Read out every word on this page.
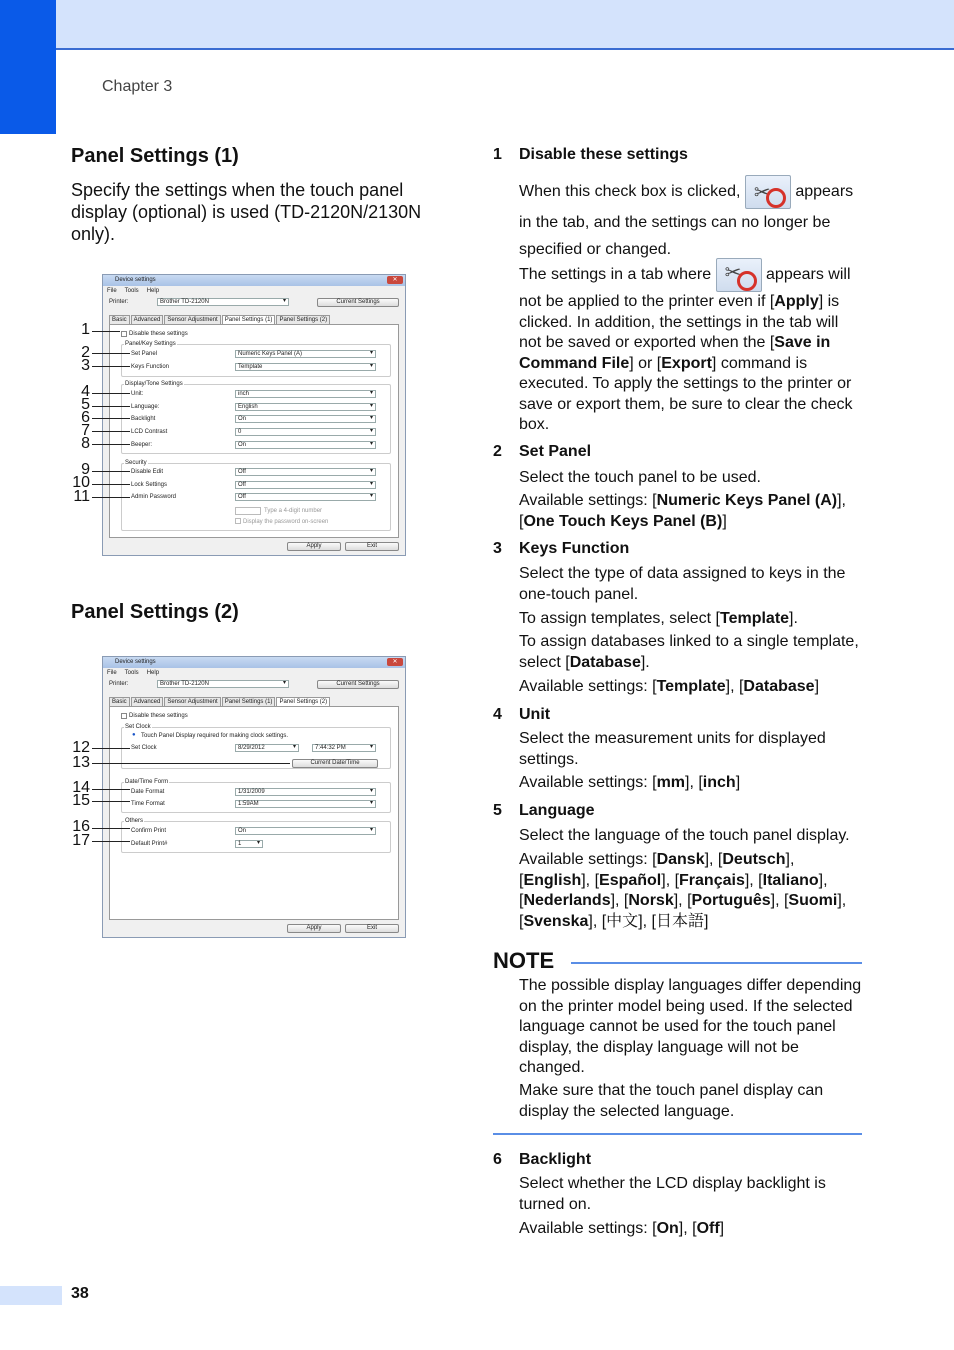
Chapter 3
Panel Settings (1)
Specify the settings when the touch panel display (optional) is used (TD-2120N/2130N only).
Device settings	✕
File Tools Help
Printer:	Brother TD-2120N ▾	Current Settings
Basic	Advanced	Sensor Adjustment	Panel Settings (1)	Panel Settings (2)
Disable these settings
Panel/Key Settings
Set Panel	Numeric Keys Panel (A) ▾
Keys Function	Template ▾
Display/Tone Settings
Unit:	inch ▾
Language:	English ▾
Backlight	On ▾
LCD Contrast	0 ▾
Beeper:	On ▾
Security
Disable Edit	Off ▾
Lock Settings	Off ▾
Admin Password	Off ▾
Type a 4-digit number
Display the password on-screen
Apply	Exit
1
2
3
4
5
6
7
8
9
10
11
Panel Settings (2)
Device settings	✕
File Tools Help
Printer:	Brother TD-2120N ▾	Current Settings
Basic	Advanced	Sensor Adjustment	Panel Settings (1)	Panel Settings (2)
Disable these settings
Set Clock
● Touch Panel Display required for making clock settings.
Set Clock	8/29/2012 ▾	7:44:32 PM ▾
Current Date/Time
Date/Time Form
Date Format	1/31/2009 ▾
Time Format	1:59AM ▾
Others
Confirm Print	On ▾
Default Print#	1 ▾
Apply	Exit
12
13
14
15
16
17
1 Disable these settings
When this check box is clicked, ✂ appears in the tab, and the settings can no longer be specified or changed.
The settings in a tab where ✂ appears will not be applied to the printer even if [Apply] is clicked. In addition, the settings in the tab will not be saved or exported when the [Save in Command File] or [Export] command is executed. To apply the settings to the printer or save or export them, be sure to clear the check box.
2 Set Panel
Select the touch panel to be used.
Available settings: [Numeric Keys Panel (A)], [One Touch Keys Panel (B)]
3 Keys Function
Select the type of data assigned to keys in the one-touch panel.
To assign templates, select [Template].
To assign databases linked to a single template, select [Database].
Available settings: [Template], [Database]
4 Unit
Select the measurement units for displayed settings.
Available settings: [mm], [inch]
5 Language
Select the language of the touch panel display.
Available settings: [Dansk], [Deutsch],
[English], [Español], [Français], [Italiano],
[Nederlands], [Norsk], [Português], [Suomi],
[Svenska], [中文], [日本語]
NOTE
The possible display languages differ depending on the printer model being used. If the selected language cannot be used for the touch panel display, the display language will not be changed.
Make sure that the touch panel display can display the selected language.
6 Backlight
Select whether the LCD display backlight is turned on.
Available settings: [On], [Off]
38
